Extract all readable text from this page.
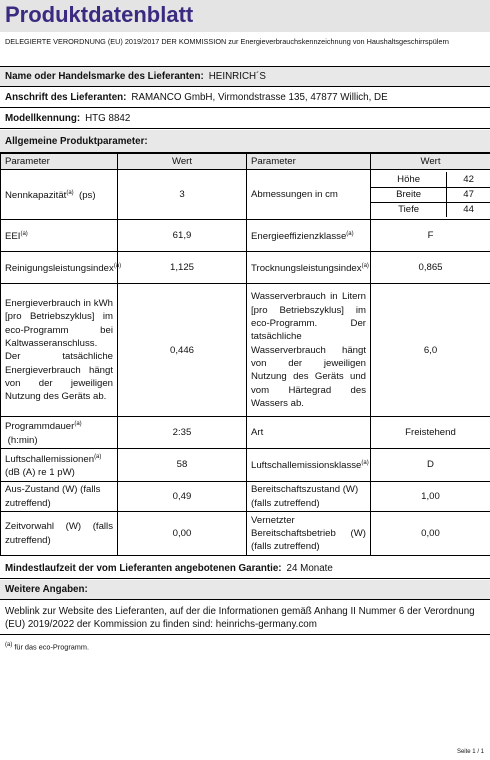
Produktdatenblatt
DELEGIERTE VERORDNUNG (EU) 2019/2017 DER KOMMISSION zur Energieverbrauchskennzeichnung von Haushaltsgeschirrspülern
Name oder Handelsmarke des Lieferanten: HEINRICH´S
Anschrift des Lieferanten: RAMANCO GmbH, Virmondstrasse 135, 47877 Willich, DE
Modellkennung: HTG 8842
Allgemeine Produktparameter:
Parameter	Wert	Parameter	Wert
Nennkapazität$^{(a)}$ (ps)	3	Abmessungen in cm	
Höhe	42
Breite	47
Tiefe	44

EEI$^{(a)}$	61,9	Energieeffizienzklasse$^{(a)}$	F
Reinigungsleistungsindex$^{(a)}$	1,125	Trocknungsleistungsindex$^{(a)}$	0,865
Energieverbrauch in kWh [pro Betriebszyklus] im eco-Programm bei Kaltwasseranschluss. Der tatsächliche Energieverbrauch hängt von der jeweiligen Nutzung des Geräts ab.	0,446	Wasserverbrauch in Litern [pro Betriebszyklus] im eco-Programm. Der tatsächliche Wasserverbrauch hängt von der jeweiligen Nutzung des Geräts und vom Härtegrad des Wassers ab.	6,0
Programmdauer$^{(a)}$
(h:min)	2:35	Art	Freistehend
Luftschallemissionen$^{(a)}$ (dB (A) re 1 pW)	58	Luftschallemissionsklasse$^{(a)}$	D
Aus-Zustand (W) (falls zutreffend)	0,49	Bereitschaftszustand (W) (falls zutreffend)	1,00
Zeitvorwahl (W) (falls zutreffend)	0,00	Vernetzter Bereitschaftsbetrieb (W) (falls zutreffend)	0,00
Mindestlaufzeit der vom Lieferanten angebotenen Garantie: 24 Monate
Weitere Angaben:
Weblink zur Website des Lieferanten, auf der die Informationen gemäß Anhang II Nummer 6 der Verordnung (EU) 2019/2022 der Kommission zu finden sind: heinrichs-germany.com
$^{(a)}$ für das eco-Programm.
Seite 1 / 1
